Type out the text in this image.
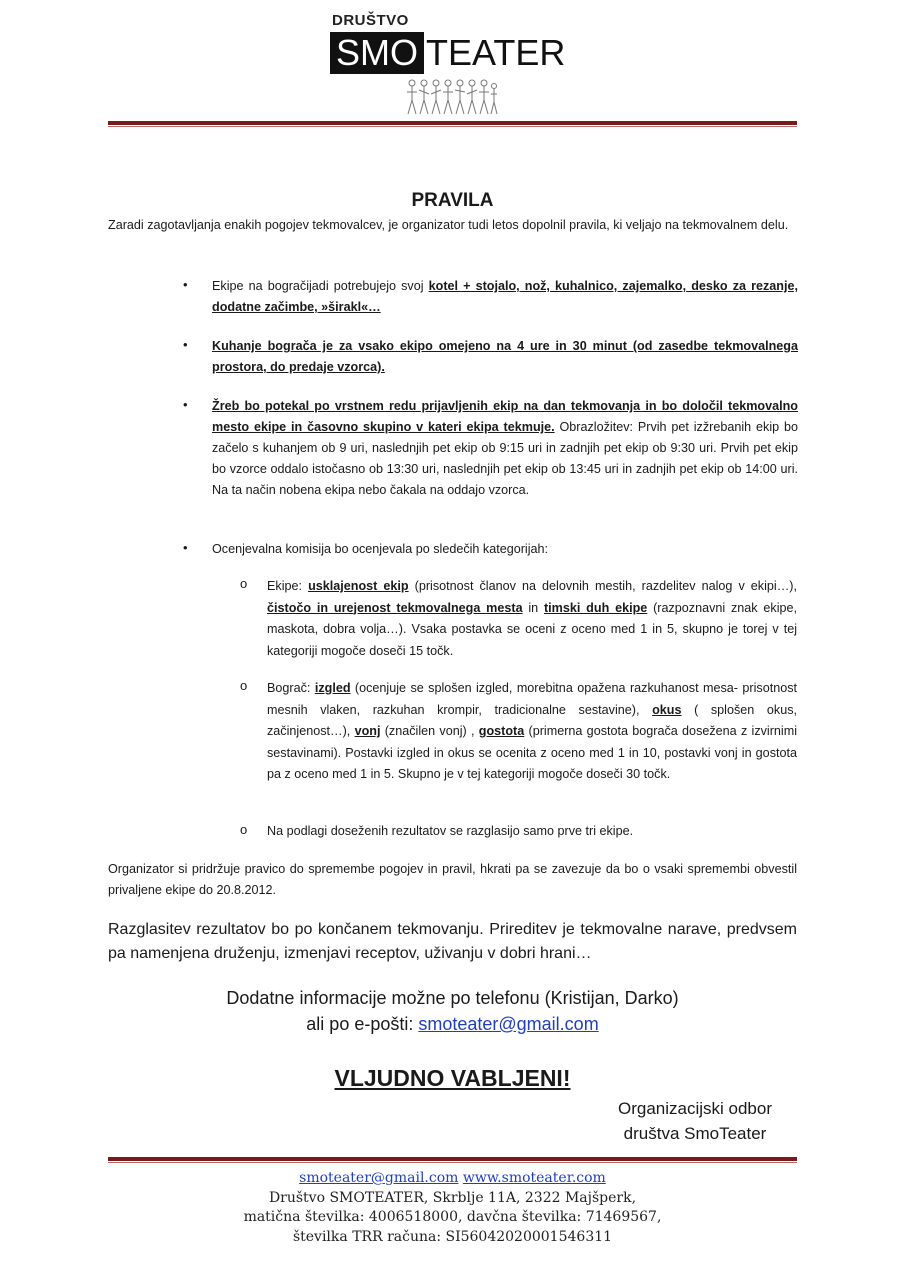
DRUŠTVO
SMO TEATER
PRAVILA
Zaradi zagotavljanja enakih pogojev tekmovalcev, je organizator tudi letos dopolnil pravila, ki veljajo na tekmovalnem delu.
• Ekipe na bogračijadi potrebujejo svoj kotel + stojalo, nož, kuhalnico, zajemalko, desko za rezanje, dodatne začimbe, »širakl«…
• Kuhanje bograča je za vsako ekipo omejeno na 4 ure in 30 minut (od zasedbe tekmovalnega prostora, do predaje vzorca).
• Žreb bo potekal po vrstnem redu prijavljenih ekip na dan tekmovanja in bo določil tekmovalno mesto ekipe in časovno skupino v kateri ekipa tekmuje. Obrazložitev: Prvih pet izžrebanih ekip bo začelo s kuhanjem ob 9 uri, naslednjih pet ekip ob 9:15 uri in zadnjih pet ekip ob 9:30 uri. Prvih pet ekip bo vzorce oddalo istočasno ob 13:30 uri, naslednjih pet ekip ob 13:45 uri in zadnjih pet ekip ob 14:00 uri. Na ta način nobena ekipa nebo čakala na oddajo vzorca.
• Ocenjevalna komisija bo ocenjevala po sledečih kategorijah:
o Ekipe: usklajenost ekip (prisotnost članov na delovnih mestih, razdelitev nalog v ekipi…), čistočo in urejenost tekmovalnega mesta in timski duh ekipe (razpoznavni znak ekipe, maskota, dobra volja…). Vsaka postavka se oceni z oceno med 1 in 5, skupno je torej v tej kategoriji mogoče doseči 15 točk.
o Bograč: izgled (ocenjuje se splošen izgled, morebitna opažena razkuhanost mesa- prisotnost mesnih vlaken, razkuhan krompir, tradicionalne sestavine), okus ( splošen okus, začinjenost…), vonj (značilen vonj) , gostota (primerna gostota bograča dosežena z izvirnimi sestavinami). Postavki izgled in okus se ocenita z oceno med 1 in 10, postavki vonj in gostota pa z oceno med 1 in 5. Skupno je v tej kategoriji mogoče doseči 30 točk.
o Na podlagi doseženih rezultatov se razglasijo samo prve tri ekipe.
Organizator si pridržuje pravico do spremembe pogojev in pravil, hkrati pa se zavezuje da bo o vsaki spremembi obvestil privaljene ekipe do 20.8.2012.
Razglasitev rezultatov bo po končanem tekmovanju. Prireditev je tekmovalne narave, predvsem pa namenjena druženju, izmenjavi receptov, uživanju v dobri hrani…
Dodatne informacije možne po telefonu (Kristijan, Darko)
ali po e-pošti: smoteater@gmail.com
VLJUDNO VABLJENI!
Organizacijski odbor
društva SmoTeater
smoteater@gmail.com www.smoteater.com
Društvo SMOTEATER, Skrblje 11A, 2322 Majšperk,
matična številka: 4006518000, davčna številka: 71469567,
številka TRR računa: SI56042020001546311
